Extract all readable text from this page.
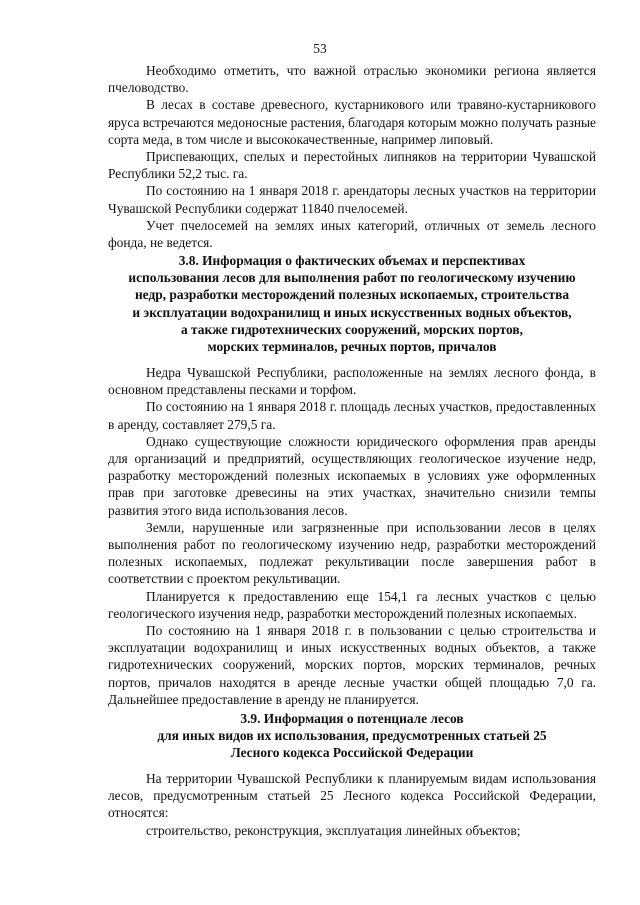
53

Необходимо отметить, что важной отраслью экономики региона является пчеловодство.

В лесах в составе древесного, кустарникового или травяно-кустарникового яруса встречаются медоносные растения, благодаря которым можно получать разные сорта меда, в том числе и высококачественные, например липовый.

Приспевающих, спелых и перестойных липняков на территории Чувашской Республики 52,2 тыс. га.

По состоянию на 1 января 2018 г. арендаторы лесных участков на территории Чувашской Республики содержат 11840 пчелосемей.

Учет пчелосемей на землях иных категорий, отличных от земель лесного фонда, не ведется.

3.8. Информация о фактических объемах и перспективах
использования лесов для выполнения работ по геологическому изучению
недр, разработки месторождений полезных ископаемых, строительства
и эксплуатации водохранилищ и иных искусственных водных объектов,
а также гидротехнических сооружений, морских портов,
морских терминалов, речных портов, причалов

Недра Чувашской Республики, расположенные на землях лесного фонда, в основном представлены песками и торфом.

По состоянию на 1 января 2018 г. площадь лесных участков, предоставленных в аренду, составляет 279,5 га.

Однако существующие сложности юридического оформления прав аренды для организаций и предприятий, осуществляющих геологическое изучение недр, разработку месторождений полезных ископаемых в условиях уже оформленных прав при заготовке древесины на этих участках, значительно снизили темпы развития этого вида использования лесов.

Земли, нарушенные или загрязненные при использовании лесов в целях выполнения работ по геологическому изучению недр, разработки месторождений полезных ископаемых, подлежат рекультивации после завершения работ в соответствии с проектом рекультивации.

Планируется к предоставлению еще 154,1 га лесных участков с целью геологического изучения недр, разработки месторождений полезных ископаемых.

По состоянию на 1 января 2018 г. в пользовании с целью строительства и эксплуатации водохранилищ и иных искусственных водных объектов, а также гидротехнических сооружений, морских портов, морских терминалов, речных портов, причалов находятся в аренде лесные участки общей площадью 7,0 га. Дальнейшее предоставление в аренду не планируется.

3.9. Информация о потенциале лесов
для иных видов их использования, предусмотренных статьей 25
Лесного кодекса Российской Федерации

На территории Чувашской Республики к планируемым видам использования лесов, предусмотренным статьей 25 Лесного кодекса Российской Федерации, относятся:

строительство, реконструкция, эксплуатация линейных объектов;
